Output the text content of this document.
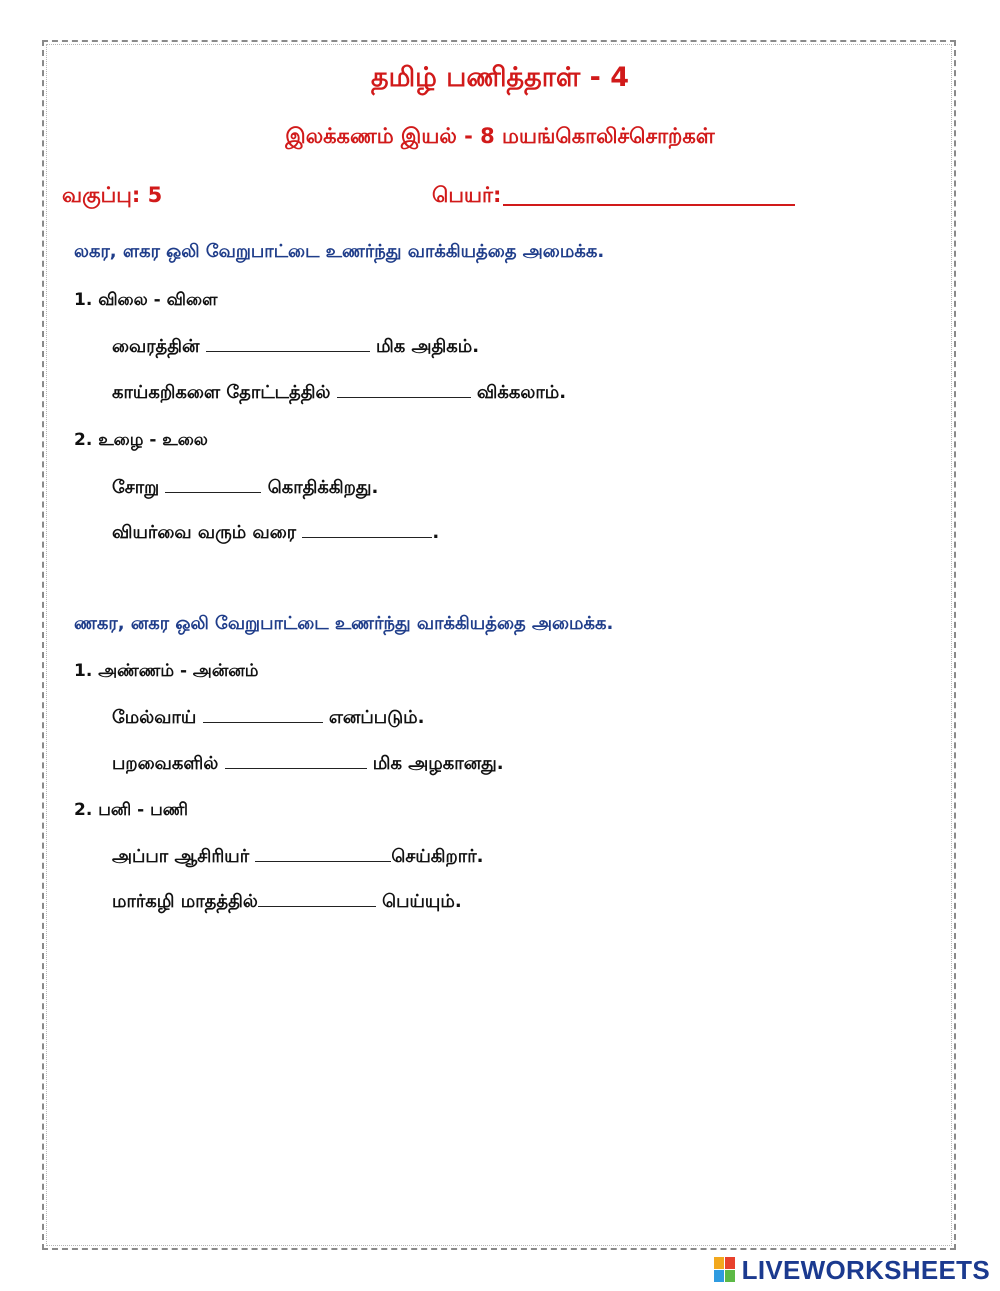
தமிழ் பணித்தாள் - 4
இலக்கணம் இயல் - 8 மயங்கொலிச்சொற்கள்
வகுப்பு: 5	பெயர்:
லகர, ளகர ஒலி வேறுபாட்டை உணர்ந்து வாக்கியத்தை அமைக்க.
1. விலை - விளை
வைரத்தின்	மிக அதிகம்.
காய்கறிகளை தோட்டத்தில்	விக்கலாம்.
2. உழை - உலை
சோறு	கொதிக்கிறது.
வியர்வை வரும் வரை	.
ணகர, னகர ஒலி வேறுபாட்டை உணர்ந்து வாக்கியத்தை அமைக்க.
1. அண்ணம் - அன்னம்
மேல்வாய்	எனப்படும்.
பறவைகளில்	மிக அழகானது.
2. பனி - பணி
அப்பா ஆசிரியர்	செய்கிறார்.
மார்கழி மாதத்தில்	பெய்யும்.
LIVEWORKSHEETS
